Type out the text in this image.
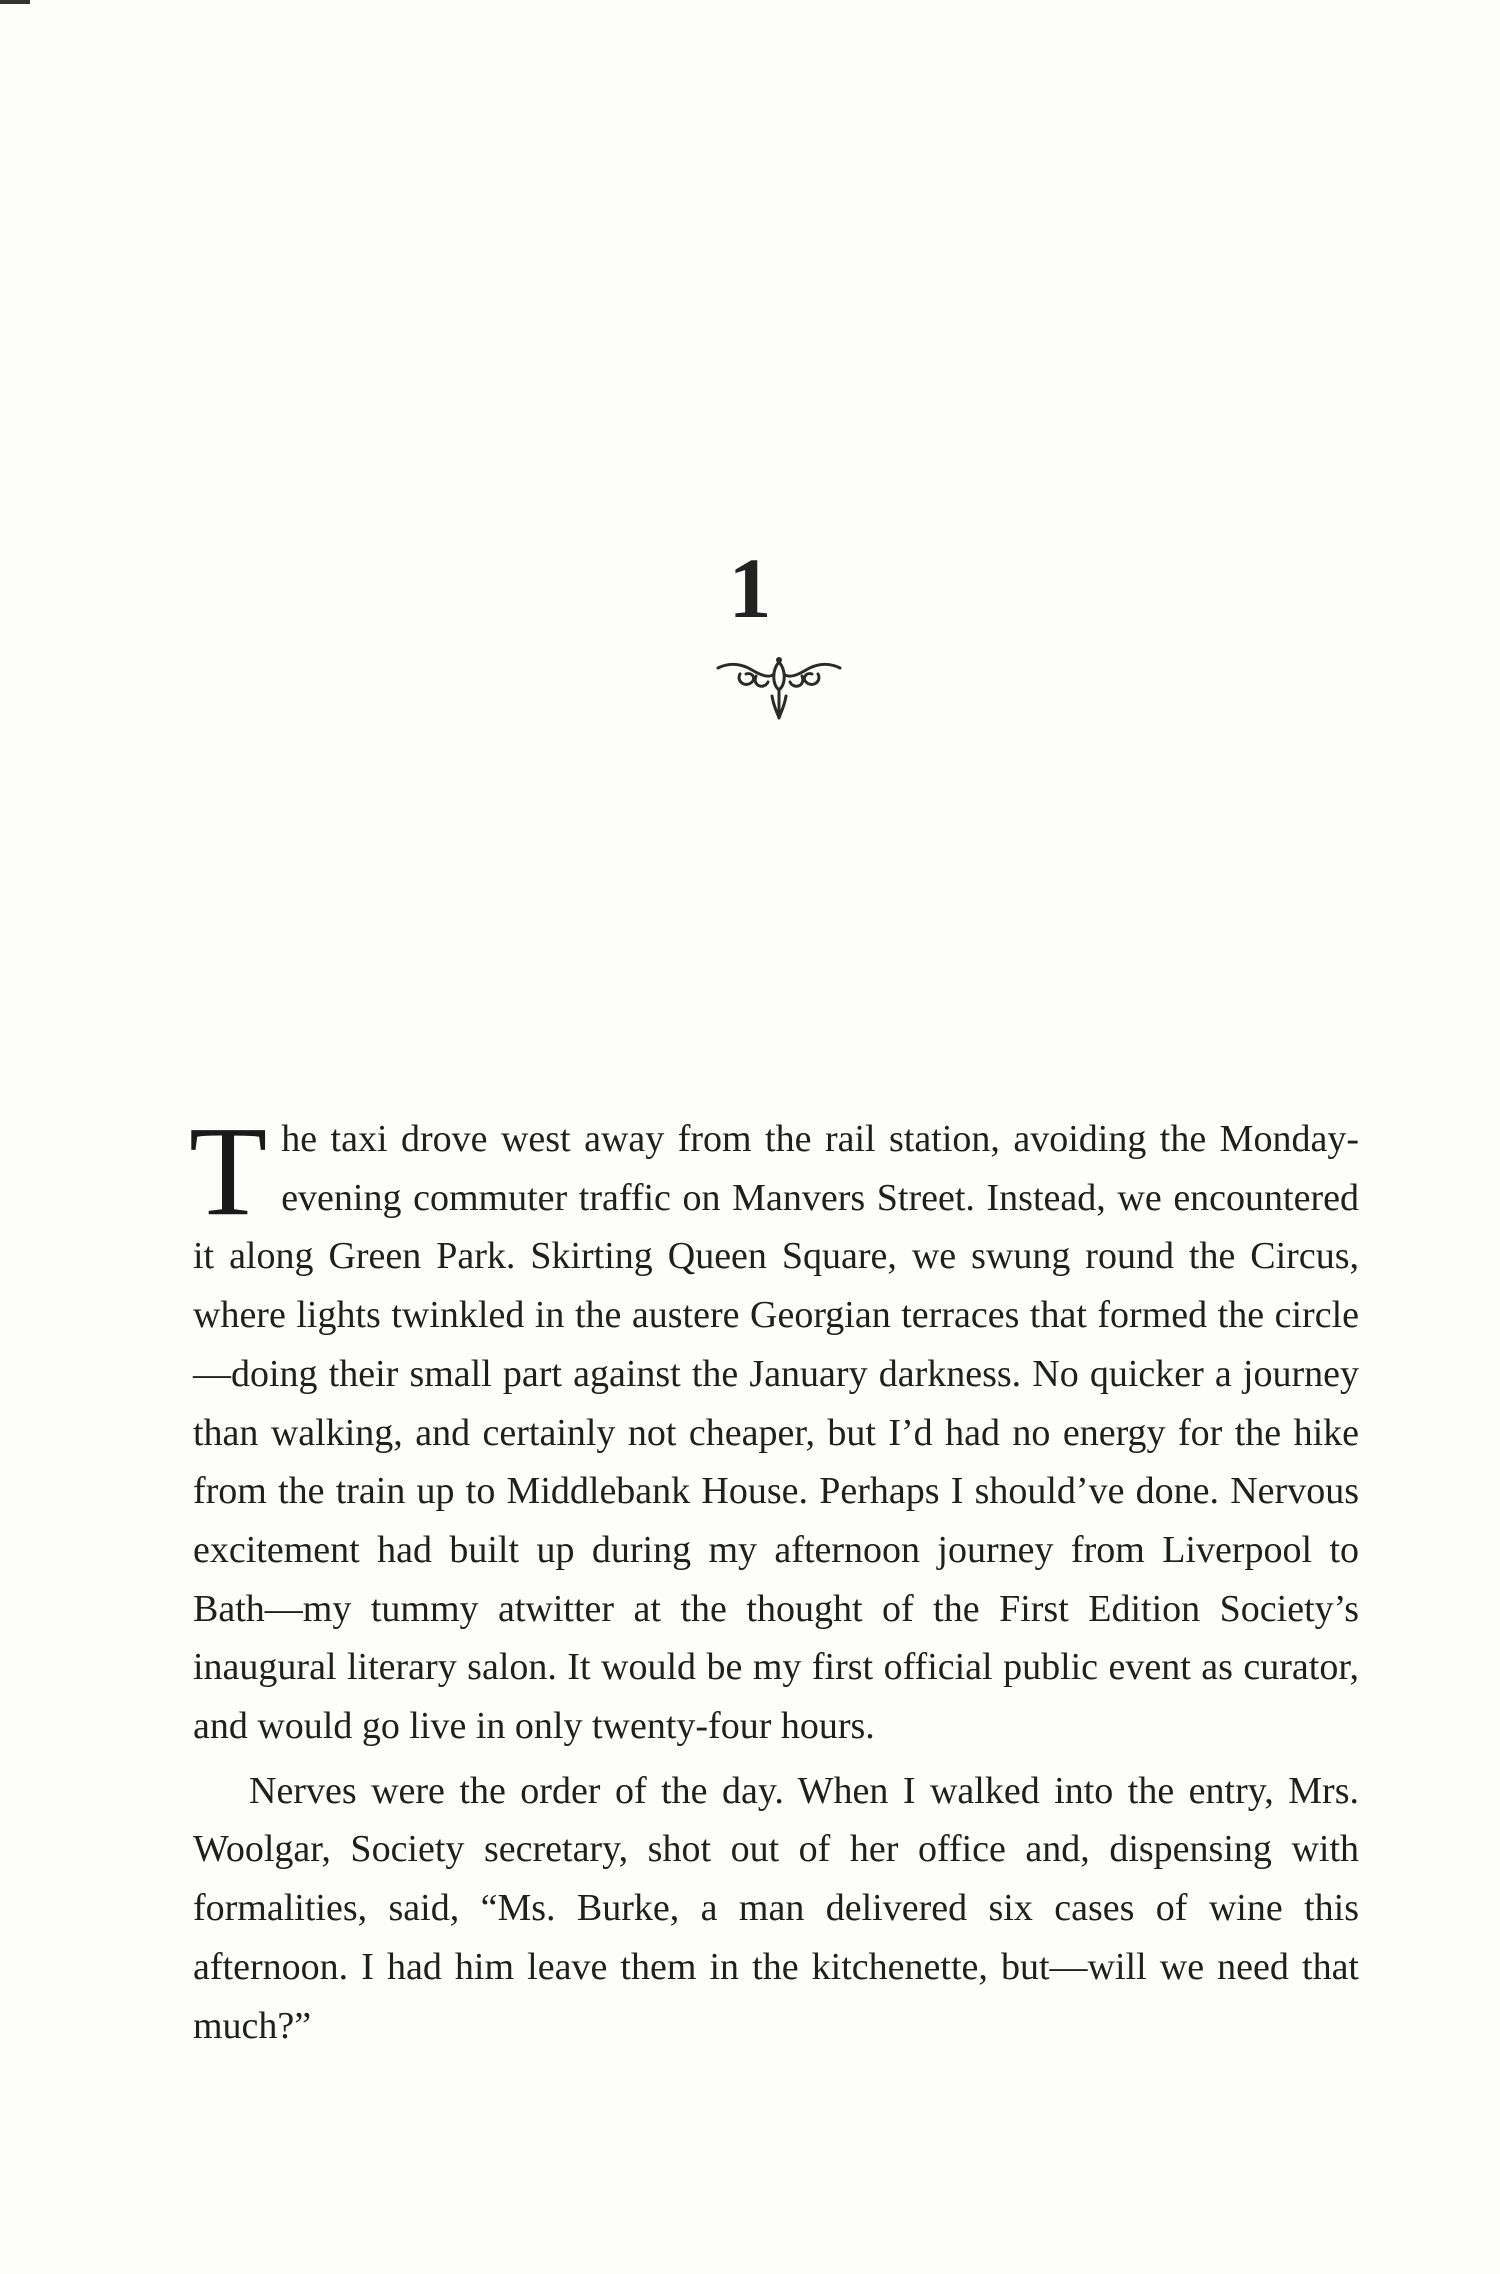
1

The taxi drove west away from the rail station, avoiding the Monday-evening commuter traffic on Manvers Street. Instead, we encountered it along Green Park. Skirting Queen Square, we swung round the Circus, where lights twinkled in the austere Georgian terraces that formed the circle—doing their small part against the January darkness. No quicker a journey than walking, and certainly not cheaper, but I’d had no energy for the hike from the train up to Middlebank House. Perhaps I should’ve done. Nervous excitement had built up during my afternoon journey from Liverpool to Bath—my tummy atwitter at the thought of the First Edition Society’s inaugural literary salon. It would be my first official public event as curator, and would go live in only twenty-four hours.

Nerves were the order of the day. When I walked into the entry, Mrs. Woolgar, Society secretary, shot out of her office and, dispensing with formalities, said, “Ms. Burke, a man delivered six cases of wine this afternoon. I had him leave them in the kitchenette, but—will we need that much?”
